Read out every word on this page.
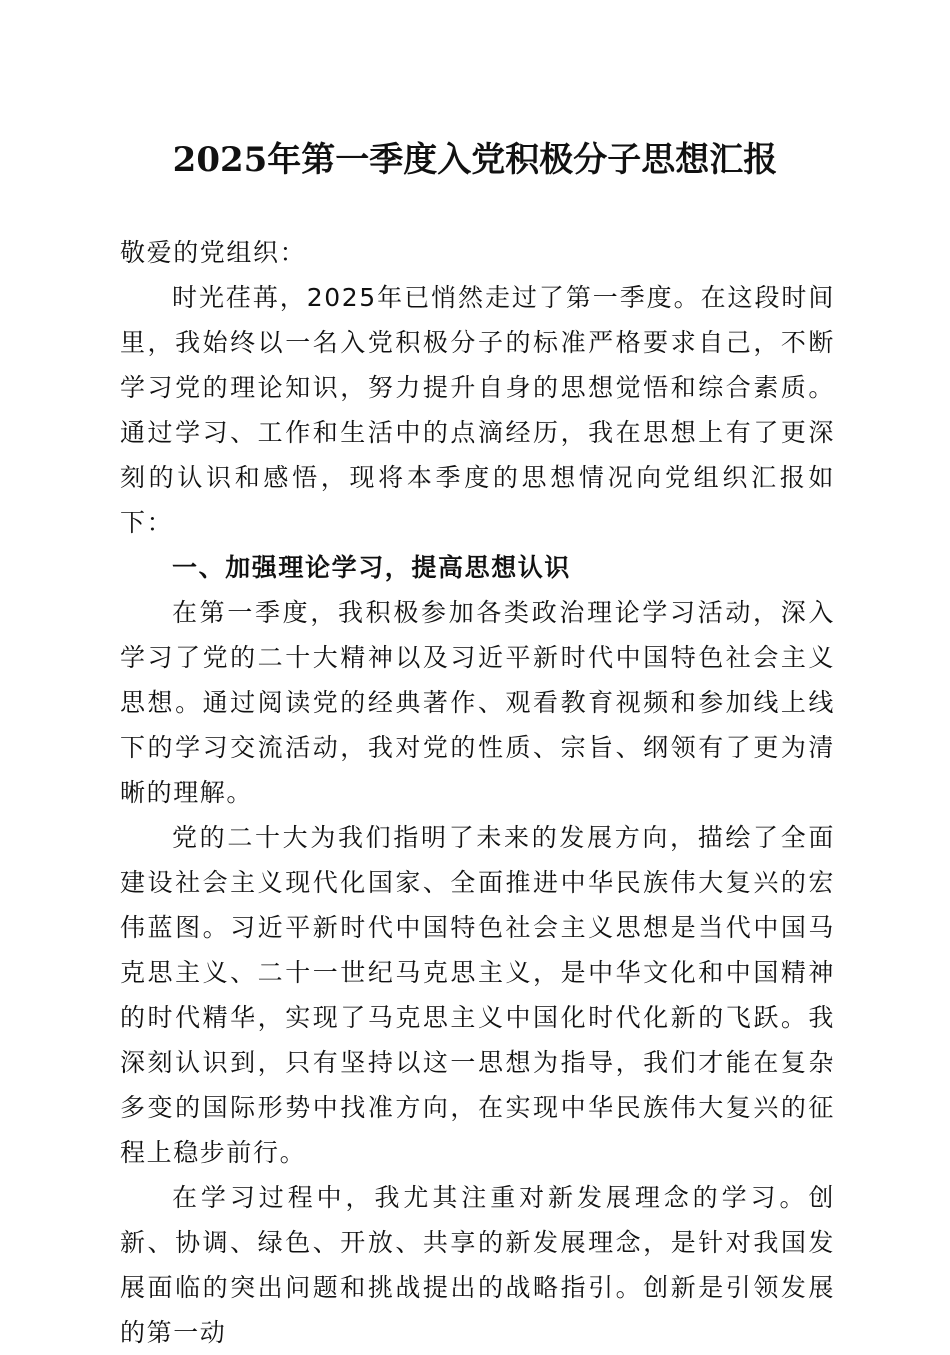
2025年第一季度入党积极分子思想汇报

敬爱的党组织：

时光荏苒，2025年已悄然走过了第一季度。在这段时间里，我始终以一名入党积极分子的标准严格要求自己，不断学习党的理论知识，努力提升自身的思想觉悟和综合素质。通过学习、工作和生活中的点滴经历，我在思想上有了更深刻的认识和感悟，现将本季度的思想情况向党组织汇报如下：

一、加强理论学习，提高思想认识

在第一季度，我积极参加各类政治理论学习活动，深入学习了党的二十大精神以及习近平新时代中国特色社会主义思想。通过阅读党的经典著作、观看教育视频和参加线上线下的学习交流活动，我对党的性质、宗旨、纲领有了更为清晰的理解。

党的二十大为我们指明了未来的发展方向，描绘了全面建设社会主义现代化国家、全面推进中华民族伟大复兴的宏伟蓝图。习近平新时代中国特色社会主义思想是当代中国马克思主义、二十一世纪马克思主义，是中华文化和中国精神的时代精华，实现了马克思主义中国化时代化新的飞跃。我深刻认识到，只有坚持以这一思想为指导，我们才能在复杂多变的国际形势中找准方向，在实现中华民族伟大复兴的征程上稳步前行。

在学习过程中，我尤其注重对新发展理念的学习。创新、协调、绿色、开放、共享的新发展理念，是针对我国发展面临的突出问题和挑战提出的战略指引。创新是引领发展的第一动
